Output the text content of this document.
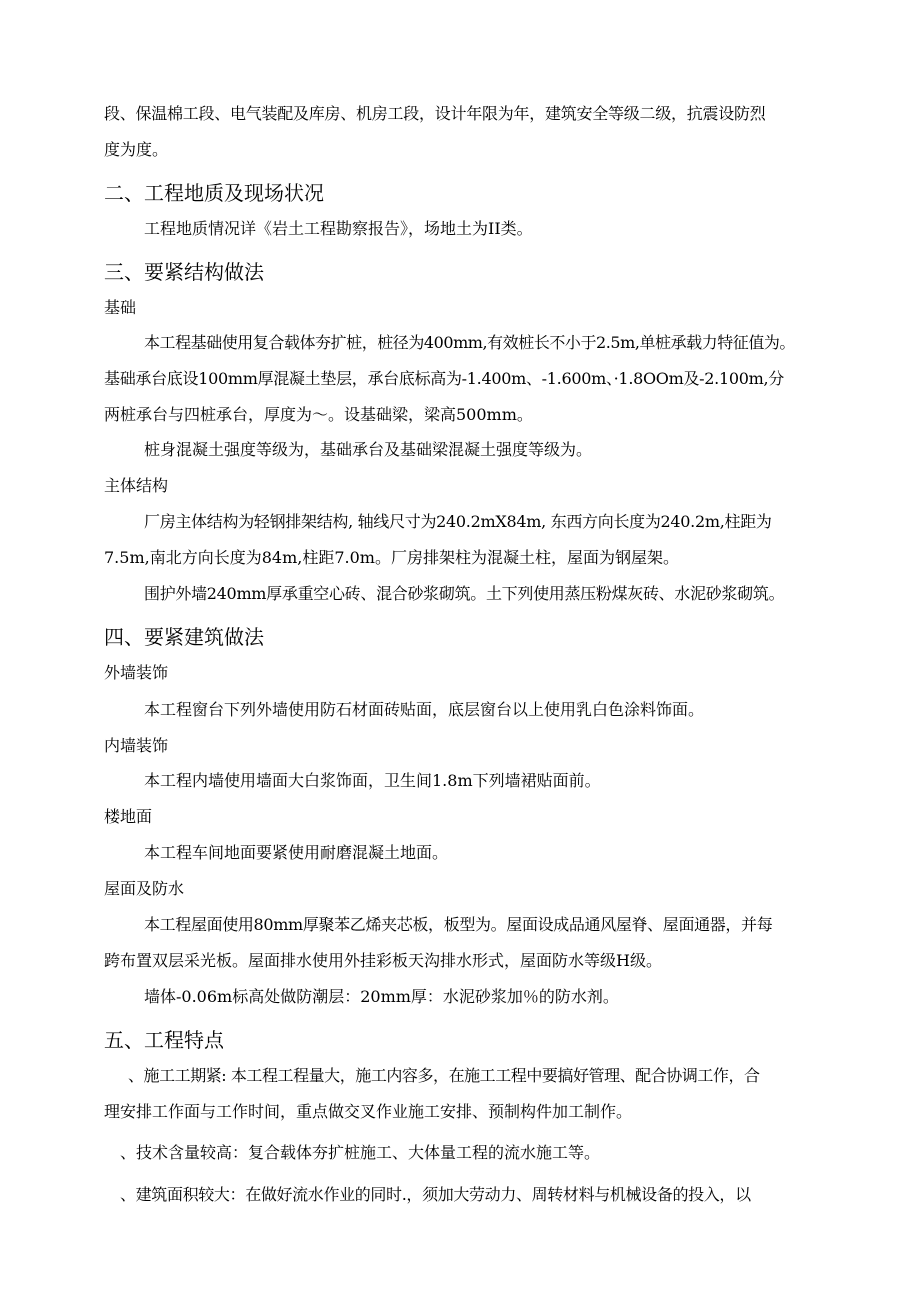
段、保温棉工段、电气装配及库房、机房工段，设计年限为年，建筑安全等级二级，抗震设防烈
度为度。
二、工程地质及现场状况
工程地质情况详《岩土工程勘察报告》，场地土为II类。
三、要紧结构做法
基础
本工程基础使用复合载体夯扩桩，桩径为400mm,有效桩长不小于2.5m,单桩承载力特征值为。
基础承台底设100mm厚混凝土垫层，承台底标高为-1.400m、-1.600m、·1.8OOm及-2.100m,分
两桩承台与四桩承台，厚度为～。设基础梁，梁高500mm。
桩身混凝土强度等级为，基础承台及基础梁混凝土强度等级为。
主体结构
厂房主体结构为轻钢排架结构, 轴线尺寸为240.2mX84m, 东西方向长度为240.2m,柱距为
7.5m,南北方向长度为84m,柱距7.0m。厂房排架柱为混凝土柱，屋面为钢屋架。
围护外墙240mm厚承重空心砖、混合砂浆砌筑。土下列使用蒸压粉煤灰砖、水泥砂浆砌筑。
四、要紧建筑做法
外墙装饰
本工程窗台下列外墙使用防石材面砖贴面，底层窗台以上使用乳白色涂料饰面。
内墙装饰
本工程内墙使用墙面大白浆饰面，卫生间1.8m下列墙裙贴面前。
楼地面
本工程车间地面要紧使用耐磨混凝土地面。
屋面及防水
本工程屋面使用80mm厚聚苯乙烯夹芯板，板型为。屋面设成品通风屋脊、屋面通器，并每
跨布置双层采光板。屋面排水使用外挂彩板天沟排水形式，屋面防水等级H级。
墙体-0.06m标高处做防潮层：20mm厚：水泥砂浆加％的防水剂。
五、工程特点
、施工工期紧: 本工程工程量大，施工内容多，在施工工程中要搞好管理、配合协调工作，合
理安排工作面与工作时间，重点做交叉作业施工安排、预制构件加工制作。
、技术含量较高：复合载体夯扩桩施工、大体量工程的流水施工等。
、建筑面积较大：在做好流水作业的同时.，须加大劳动力、周转材料与机械设备的投入，以
